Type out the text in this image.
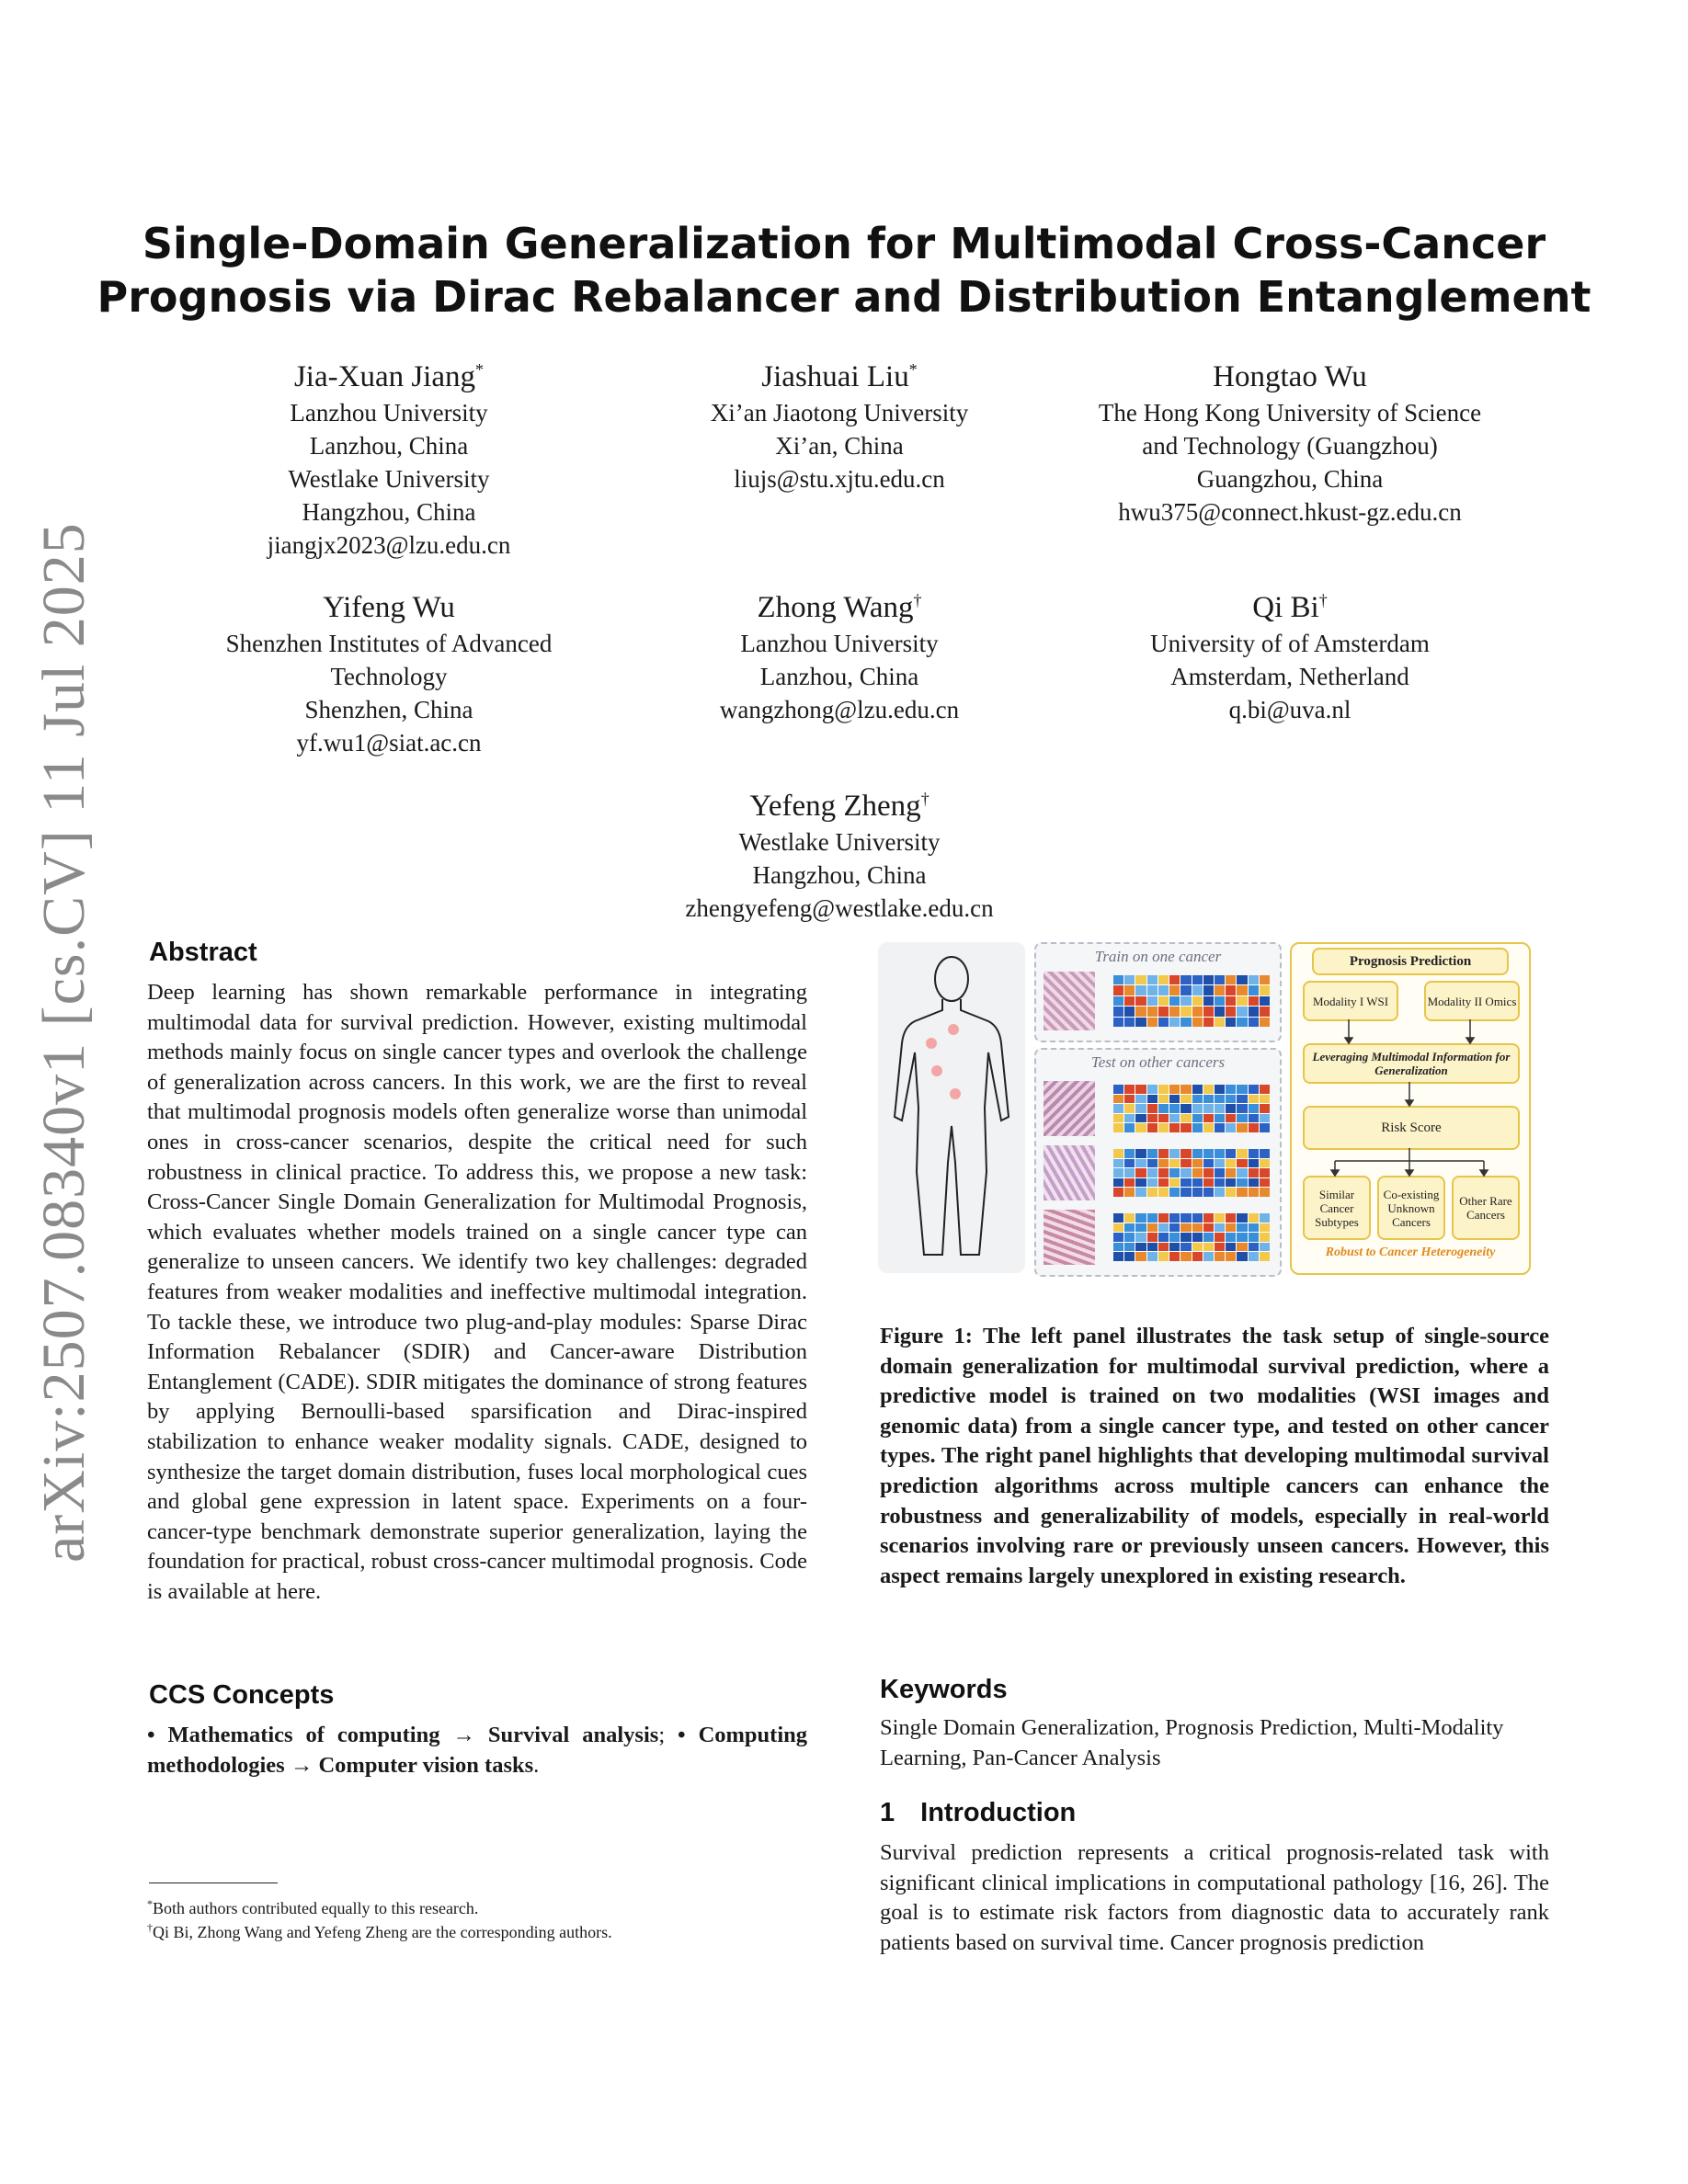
arXiv:2507.08340v1 [cs.CV] 11 Jul 2025
Single-Domain Generalization for Multimodal Cross-Cancer
Prognosis via Dirac Rebalancer and Distribution Entanglement
Jia-Xuan Jiang*
Lanzhou University
Lanzhou, China
Westlake University
Hangzhou, China
jiangjx2023@lzu.edu.cn
Jiashuai Liu*
Xi’an Jiaotong University
Xi’an, China
liujs@stu.xjtu.edu.cn
Hongtao Wu
The Hong Kong University of Science
and Technology (Guangzhou)
Guangzhou, China
hwu375@connect.hkust-gz.edu.cn
Yifeng Wu
Shenzhen Institutes of Advanced
Technology
Shenzhen, China
yf.wu1@siat.ac.cn
Zhong Wang†
Lanzhou University
Lanzhou, China
wangzhong@lzu.edu.cn
Qi Bi†
University of of Amsterdam
Amsterdam, Netherland
q.bi@uva.nl
Yefeng Zheng†
Westlake University
Hangzhou, China
zhengyefeng@westlake.edu.cn
Abstract
Deep learning has shown remarkable performance in integrating multimodal data for survival prediction. However, existing multimodal methods mainly focus on single cancer types and overlook the challenge of generalization across cancers. In this work, we are the first to reveal that multimodal prognosis models often generalize worse than unimodal ones in cross-cancer scenarios, despite the critical need for such robustness in clinical practice. To address this, we propose a new task: Cross-Cancer Single Domain Generalization for Multimodal Prognosis, which evaluates whether models trained on a single cancer type can generalize to unseen cancers. We identify two key challenges: degraded features from weaker modalities and ineffective multimodal integration. To tackle these, we introduce two plug-and-play modules: Sparse Dirac Information Rebalancer (SDIR) and Cancer-aware Distribution Entanglement (CADE). SDIR mitigates the dominance of strong features by applying Bernoulli-based sparsification and Dirac-inspired stabilization to enhance weaker modality signals. CADE, designed to synthesize the target domain distribution, fuses local morphological cues and global gene expression in latent space. Experiments on a four-cancer-type benchmark demonstrate superior generalization, laying the foundation for practical, robust cross-cancer multimodal prognosis. Code is available at here.
CCS Concepts
• Mathematics of computing → Survival analysis; • Computing methodologies → Computer vision tasks.
*Both authors contributed equally to this research.
†Qi Bi, Zhong Wang and Yefeng Zheng are the corresponding authors.
Train on one cancer
Test on other cancers
Prognosis Prediction
Modality I WSI	Modality II Omics
Leveraging Multimodal Information for Generalization
Risk Score
Similar Cancer Subtypes
Co-existing Unknown Cancers
Other Rare Cancers
Robust to Cancer Heterogeneity
Figure 1: The left panel illustrates the task setup of single-source domain generalization for multimodal survival prediction, where a predictive model is trained on two modalities (WSI images and genomic data) from a single cancer type, and tested on other cancer types. The right panel highlights that developing multimodal survival prediction algorithms across multiple cancers can enhance the robustness and generalizability of models, especially in real-world scenarios involving rare or previously unseen cancers. However, this aspect remains largely unexplored in existing research.
Keywords
Single Domain Generalization, Prognosis Prediction, Multi-Modality Learning, Pan-Cancer Analysis
1 Introduction
Survival prediction represents a critical prognosis-related task with significant clinical implications in computational pathology [16, 26]. The goal is to estimate risk factors from diagnostic data to accurately rank patients based on survival time. Cancer prognosis prediction
